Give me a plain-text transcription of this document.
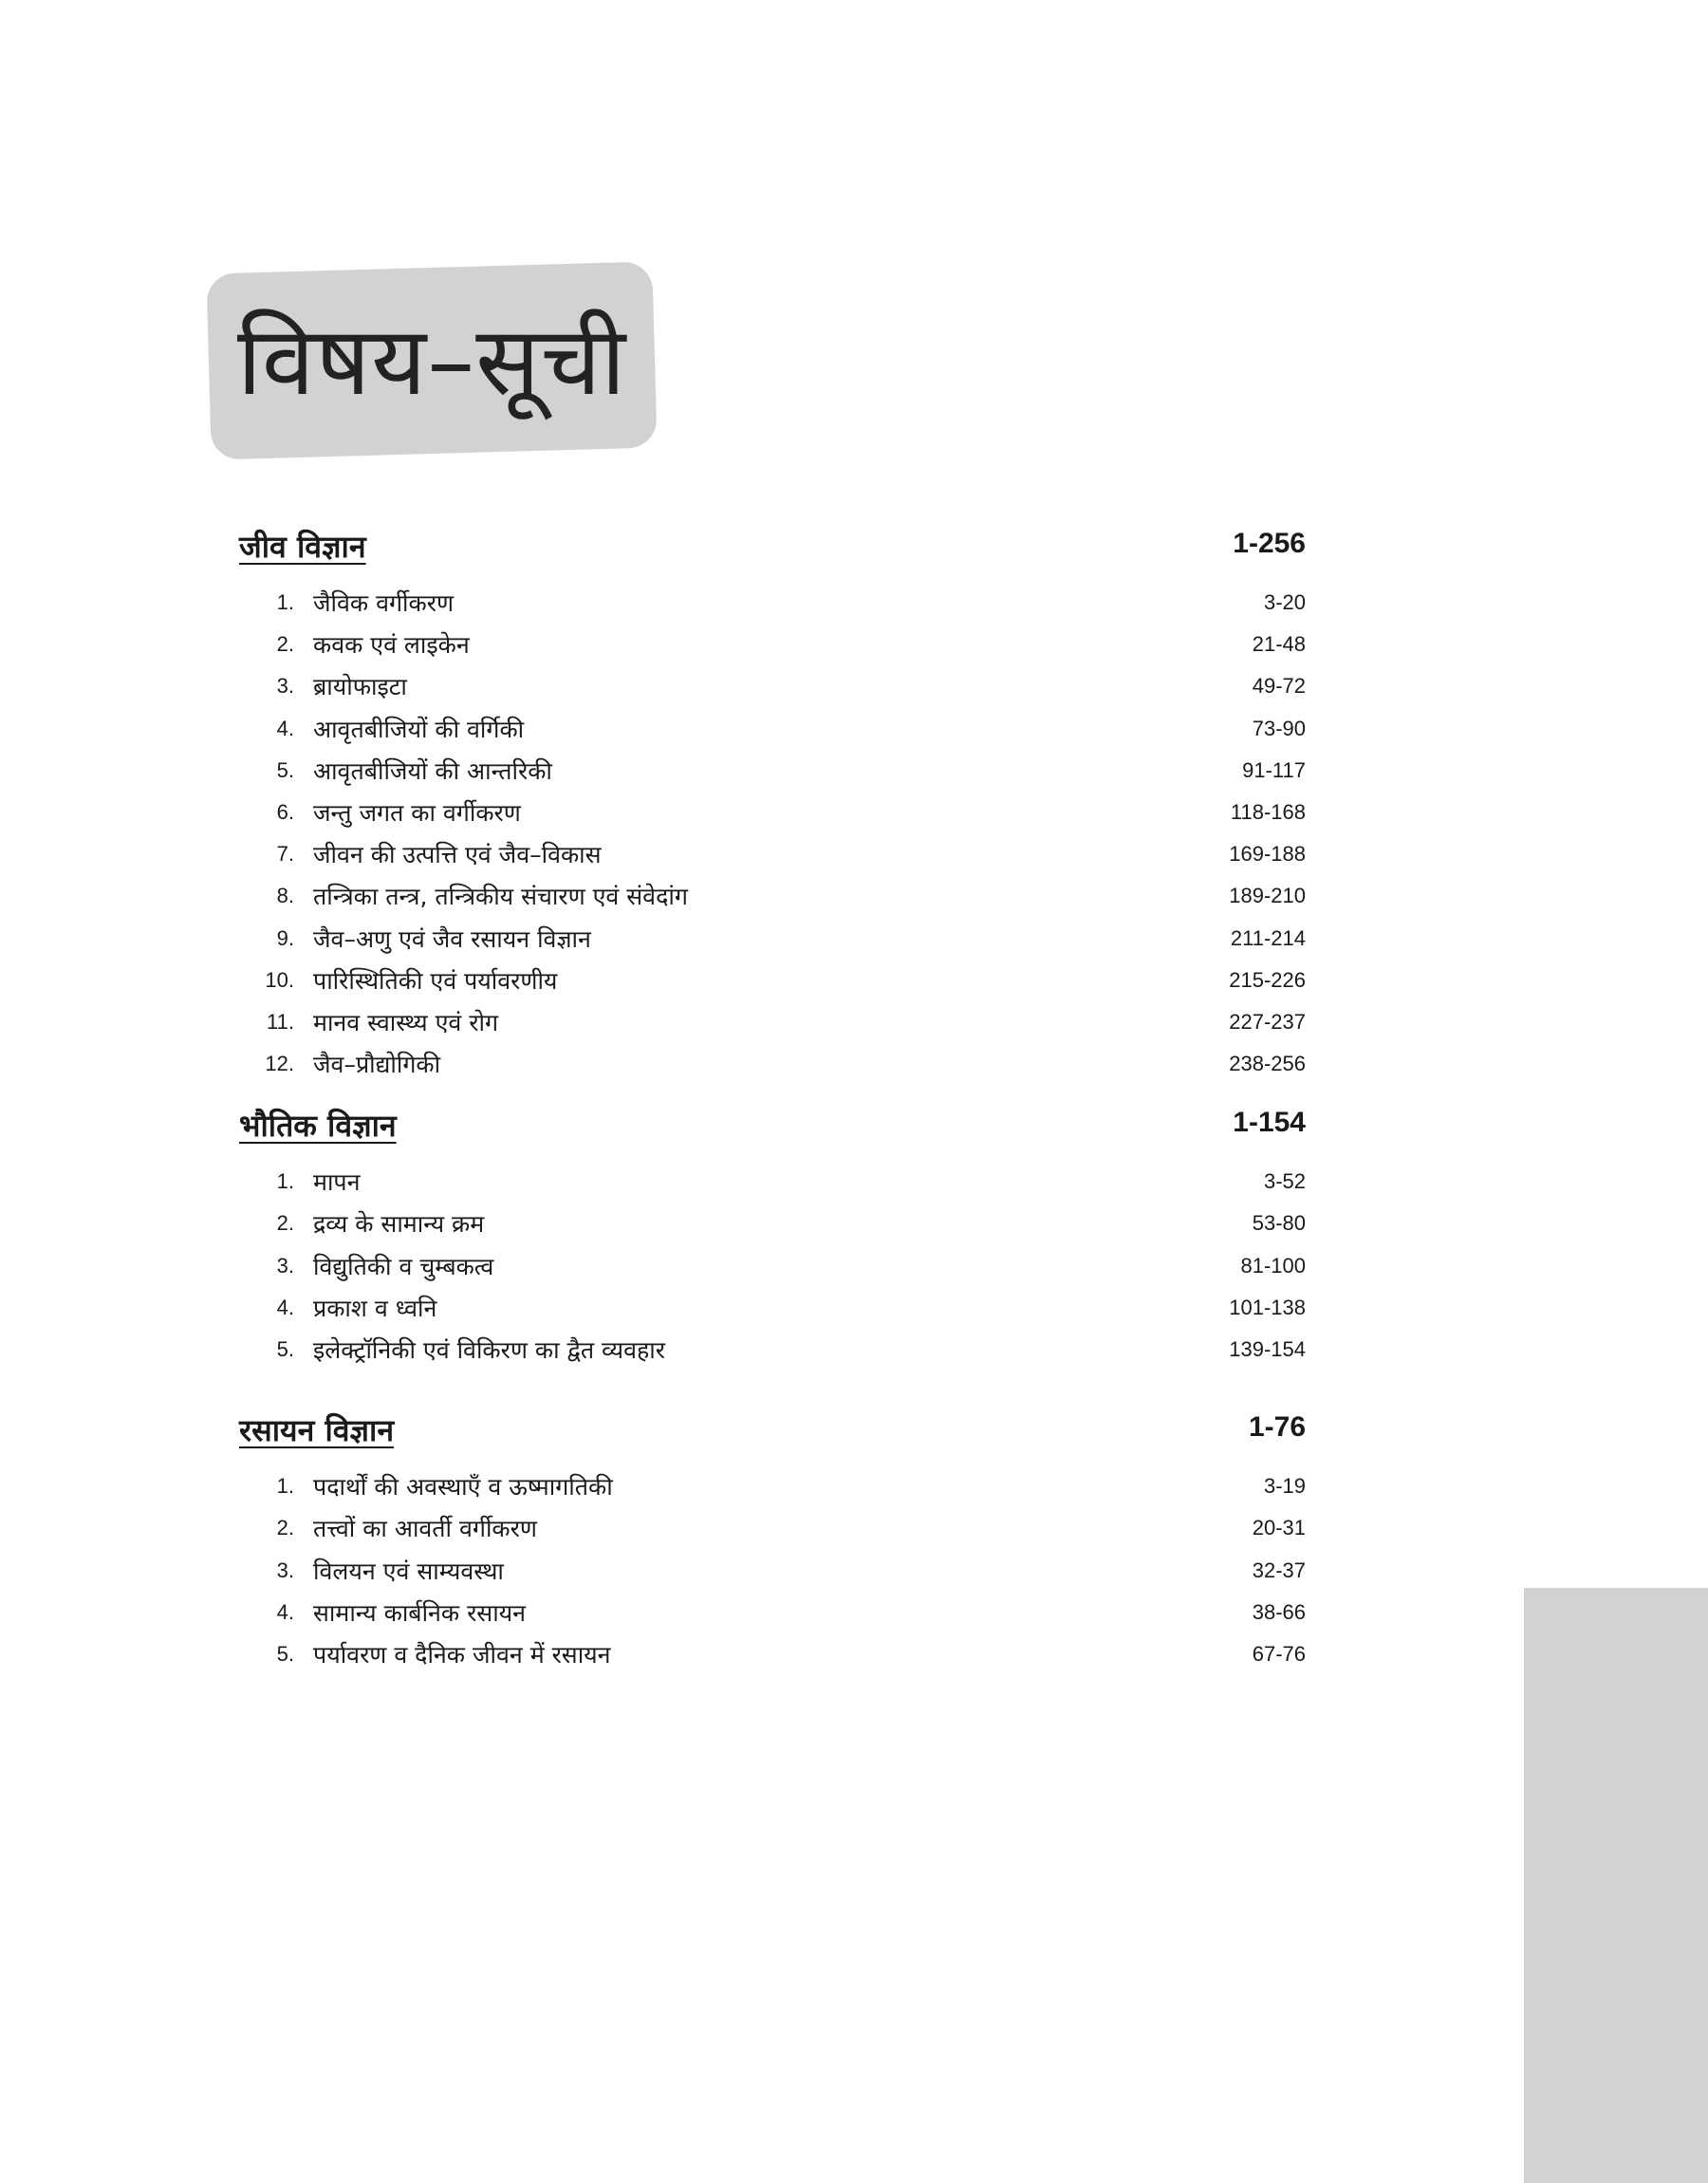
विषय–सूची
जीव विज्ञान	1-256
1. जैविक वर्गीकरण	3-20
2. कवक एवं लाइकेन	21-48
3. ब्रायोफाइटा	49-72
4. आवृतबीजियों की वर्गिकी	73-90
5. आवृतबीजियों की आन्तरिकी	91-117
6. जन्तु जगत का वर्गीकरण	118-168
7. जीवन की उत्पत्ति एवं जैव–विकास	169-188
8. तन्त्रिका तन्त्र, तन्त्रिकीय संचारण एवं संवेदांग	189-210
9. जैव–अणु एवं जैव रसायन विज्ञान	211-214
10. पारिस्थितिकी एवं पर्यावरणीय	215-226
11. मानव स्वास्थ्य एवं रोग	227-237
12. जैव–प्रौद्योगिकी	238-256
भौतिक विज्ञान	1-154
1. मापन	3-52
2. द्रव्य के सामान्य क्रम	53-80
3. विद्युतिकी व चुम्बकत्व	81-100
4. प्रकाश व ध्वनि	101-138
5. इलेक्ट्रॉनिकी एवं विकिरण का द्वैत व्यवहार	139-154
रसायन विज्ञान	1-76
1. पदार्थों की अवस्थाएँ व ऊष्मागतिकी	3-19
2. तत्त्वों का आवर्ती वर्गीकरण	20-31
3. विलयन एवं साम्यवस्था	32-37
4. सामान्य कार्बनिक रसायन	38-66
5. पर्यावरण व दैनिक जीवन में रसायन	67-76
